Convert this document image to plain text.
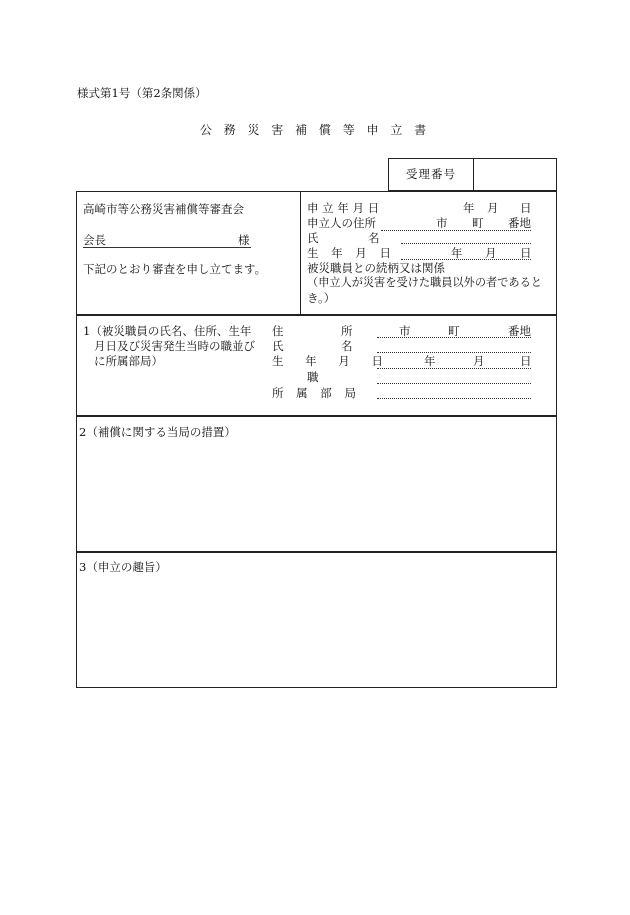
様式第1号（第2条関係）
公 務 災 害 補 償 等 申 立 書
受理番号
高崎市等公務災害補償等審査会
会長	様
下記のとおり審査を申し立てます。
申 立 年 月 日	年 月 日
申立人の住所	市 町 番地
氏	名
生 年 月 日	年 月 日
被災職員との続柄又は関係
（申立人が災害を受けた職員以外の者であると
き。）
1（被災職員の氏名、住所、生年
月日及び災害発生当時の職並び
に所属部局）
住	所	市	町	番地
氏	名
生 年 月 日	年	月	日
職
所 属 部 局
2（補償に関する当局の措置）
3（申立の趣旨）
